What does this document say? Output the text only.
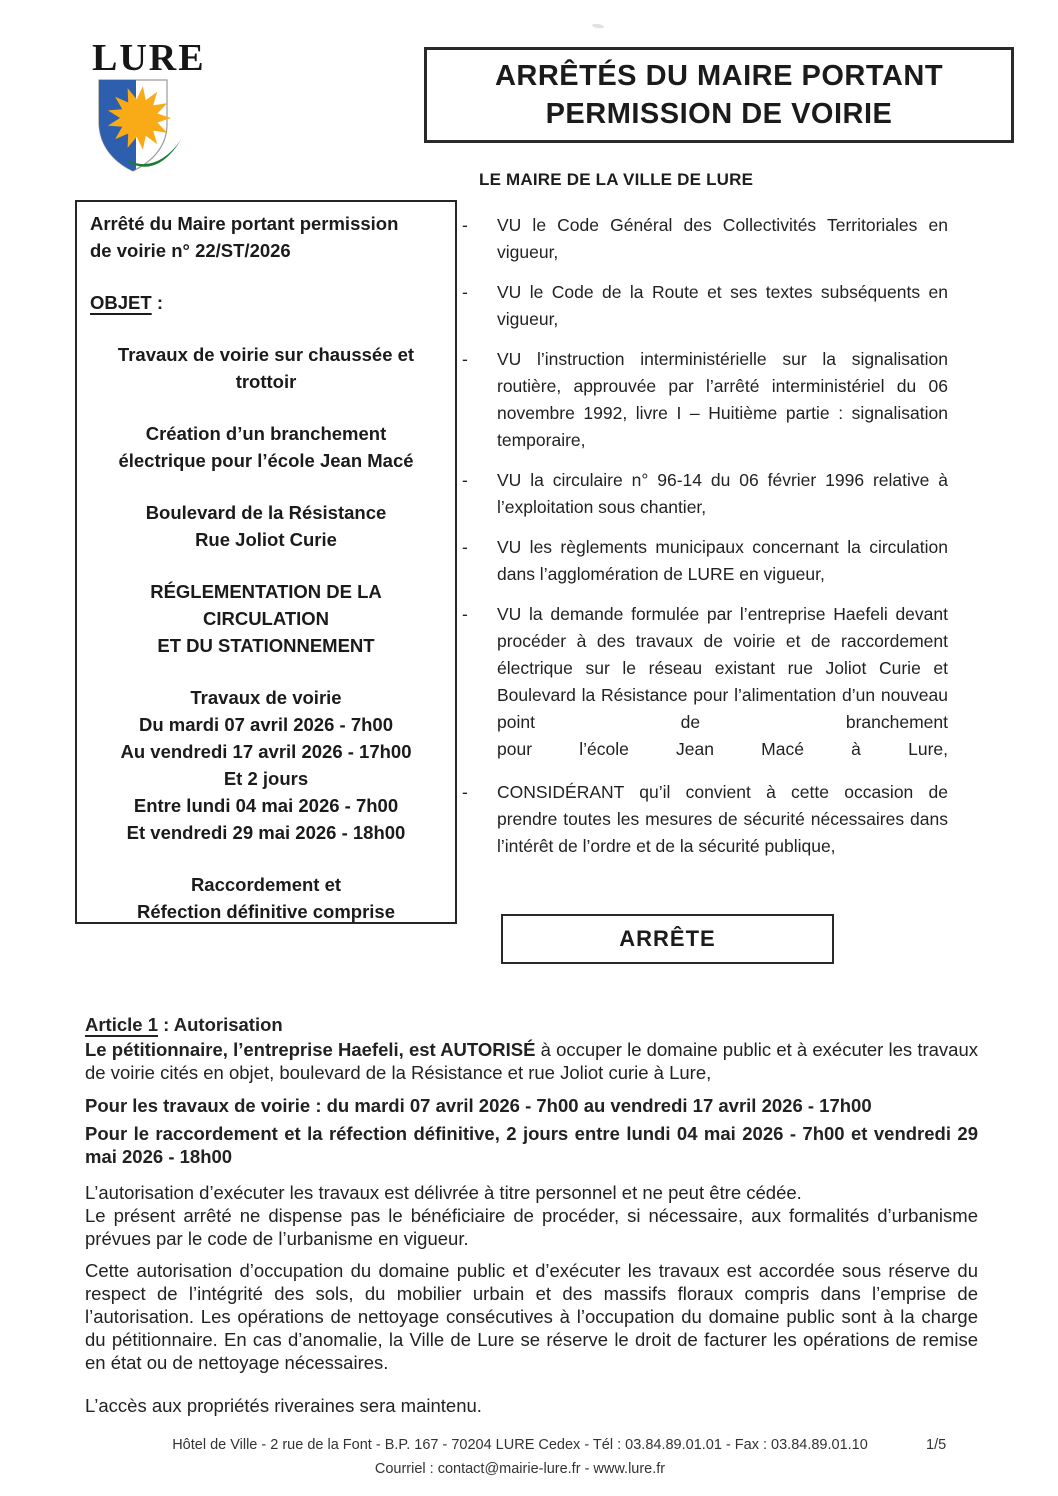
LURE	ARRÊTÉS DU MAIRE PORTANT
PERMISSION DE VOIRIE
LE MAIRE DE LA VILLE DE LURE
Arrêté du Maire portant permission
de voirie n° 22/ST/2026
OBJET :
Travaux de voirie sur chaussée et
trottoir
Création d’un branchement
électrique pour l’école Jean Macé
Boulevard de la Résistance
Rue Joliot Curie
RÉGLEMENTATION DE LA
CIRCULATION
ET DU STATIONNEMENT
Travaux de voirie
Du mardi 07 avril 2026 - 7h00
Au vendredi 17 avril 2026 - 17h00
Et 2 jours
Entre lundi 04 mai 2026 - 7h00
Et vendredi 29 mai 2026 - 18h00
Raccordement et
Réfection définitive comprise
-	VU le Code Général des Collectivités Territoriales en vigueur,
-	VU le Code de la Route et ses textes subséquents en vigueur,
-	VU l’instruction interministérielle sur la signalisation routière, approuvée par l’arrêté interministériel du 06 novembre 1992, livre I – Huitième partie : signalisation temporaire,
-	VU la circulaire n° 96-14 du 06 février 1996 relative à l’exploitation sous chantier,
-	VU les règlements municipaux concernant la circulation dans l’agglomération de LURE en vigueur,
-	VU la demande formulée par l’entreprise Haefeli devant procéder à des travaux de voirie et de raccordement électrique sur le réseau existant rue Joliot Curie et Boulevard la Résistance pour l’alimentation d’un nouveau point de branchement
pour l’école Jean Macé à Lure,
-	CONSIDÉRANT qu’il convient à cette occasion de prendre toutes les mesures de sécurité nécessaires dans l’intérêt de l’ordre et de la sécurité publique,
ARRÊTE

Article 1 : Autorisation

Le pétitionnaire, l’entreprise Haefeli, est AUTORISÉ à occuper le domaine public et à exécuter les travaux de voirie cités en objet, boulevard de la Résistance et rue Joliot curie à Lure,

Pour les travaux de voirie : du mardi 07 avril 2026 - 7h00 au vendredi 17 avril 2026 - 17h00

Pour le raccordement et la réfection définitive, 2 jours entre lundi 04 mai 2026 - 7h00 et vendredi 29 mai 2026 - 18h00

L’autorisation d’exécuter les travaux est délivrée à titre personnel et ne peut être cédée.

Le présent arrêté ne dispense pas le bénéficiaire de procéder, si nécessaire, aux formalités d’urbanisme prévues par le code de l’urbanisme en vigueur.

Cette autorisation d’occupation du domaine public et d’exécuter les travaux est accordée sous réserve du respect de l’intégrité des sols, du mobilier urbain et des massifs floraux compris dans l’emprise de l’autorisation. Les opérations de nettoyage consécutives à l’occupation du domaine public sont à la charge du pétitionnaire. En cas d’anomalie, la Ville de Lure se réserve le droit de facturer les opérations de remise en état ou de nettoyage nécessaires.

L’accès aux propriétés riveraines sera maintenu.

Hôtel de Ville - 2 rue de la Font - B.P. 167 - 70204 LURE Cedex - Tél : 03.84.89.01.01 - Fax : 03.84.89.01.10
Courriel : contact@mairie-lure.fr - www.lure.fr
1/5
